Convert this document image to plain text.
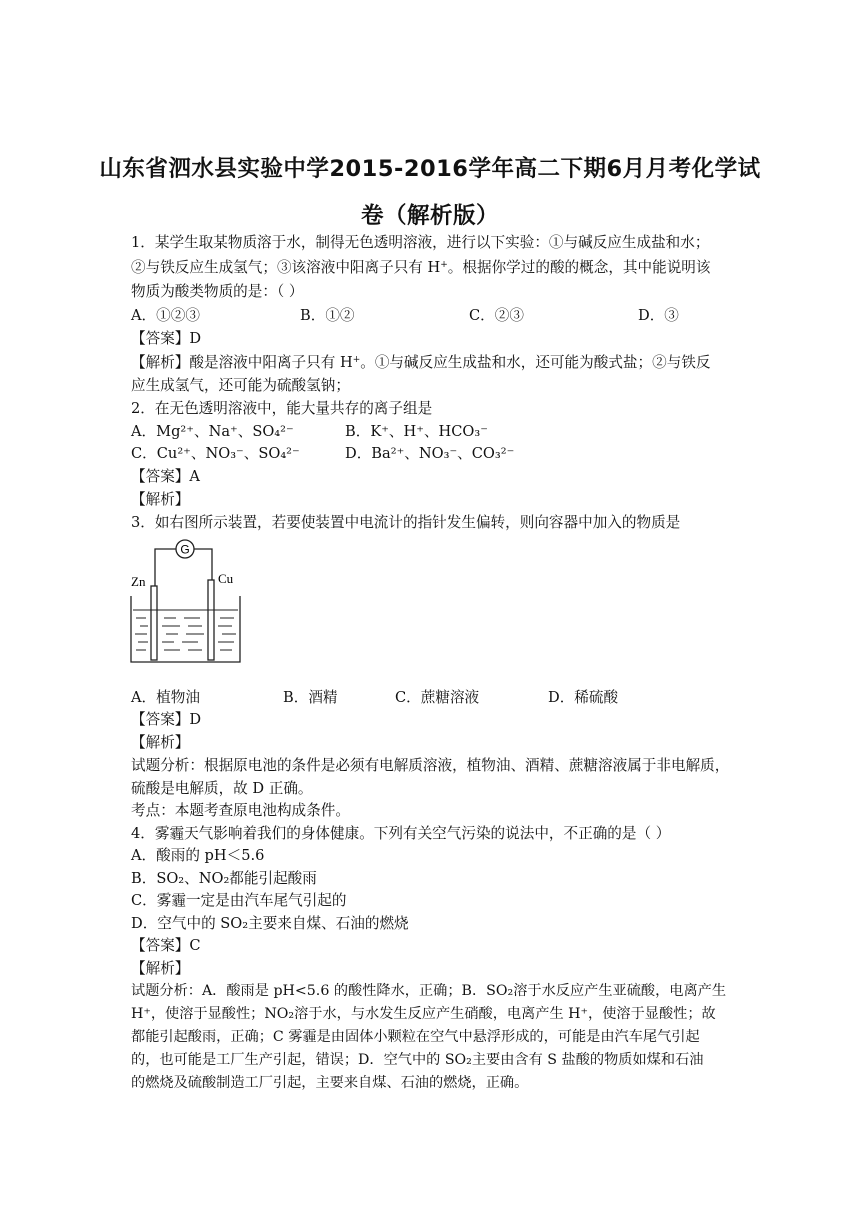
山东省泗水县实验中学2015-2016学年高二下期6月月考化学试
卷（解析版）
1．某学生取某物质溶于水，制得无色透明溶液，进行以下实验：①与碱反应生成盐和水；
②与铁反应生成氢气；③该溶液中阳离子只有 H+。根据你学过的酸的概念，其中能说明该
物质为酸类物质的是：（ ）
A．①②③	B．①②	C．②③	D．③
【答案】D
【解析】酸是溶液中阳离子只有 H+。①与碱反应生成盐和水，还可能为酸式盐；②与铁反
应生成氢气，还可能为硫酸氢钠；
2．在无色透明溶液中，能大量共存的离子组是
A．Mg²⁺、Na⁺、SO₄²⁻	B．K⁺、H⁺、HCO₃⁻
C．Cu²⁺、NO₃⁻、SO₄²⁻	D．Ba²⁺、NO₃⁻、CO₃²⁻
【答案】A
【解析】
3．如右图所示装置，若要使装置中电流计的指针发生偏转，则向容器中加入的物质是
G
Zn	Cu
A．植物油	B．酒精	C．蔗糖溶液	D．稀硫酸
【答案】D
【解析】
试题分析：根据原电池的条件是必须有电解质溶液，植物油、酒精、蔗糖溶液属于非电解质，
硫酸是电解质，故 D 正确。
考点：本题考查原电池构成条件。
4．雾霾天气影响着我们的身体健康。下列有关空气污染的说法中，不正确的是（ ）
A．酸雨的 pH＜5.6
B．SO₂、NO₂都能引起酸雨
C．雾霾一定是由汽车尾气引起的
D．空气中的 SO₂主要来自煤、石油的燃烧
【答案】C
【解析】
试题分析：A．酸雨是 pH<5.6 的酸性降水，正确；B．SO₂溶于水反应产生亚硫酸，电离产生
H⁺，使溶于显酸性；NO₂溶于水，与水发生反应产生硝酸，电离产生 H⁺，使溶于显酸性；故
都能引起酸雨，正确；C 雾霾是由固体小颗粒在空气中悬浮形成的，可能是由汽车尾气引起
的，也可能是工厂生产引起，错误；D．空气中的 SO₂主要由含有 S 盐酸的物质如煤和石油
的燃烧及硫酸制造工厂引起，主要来自煤、石油的燃烧，正确。
